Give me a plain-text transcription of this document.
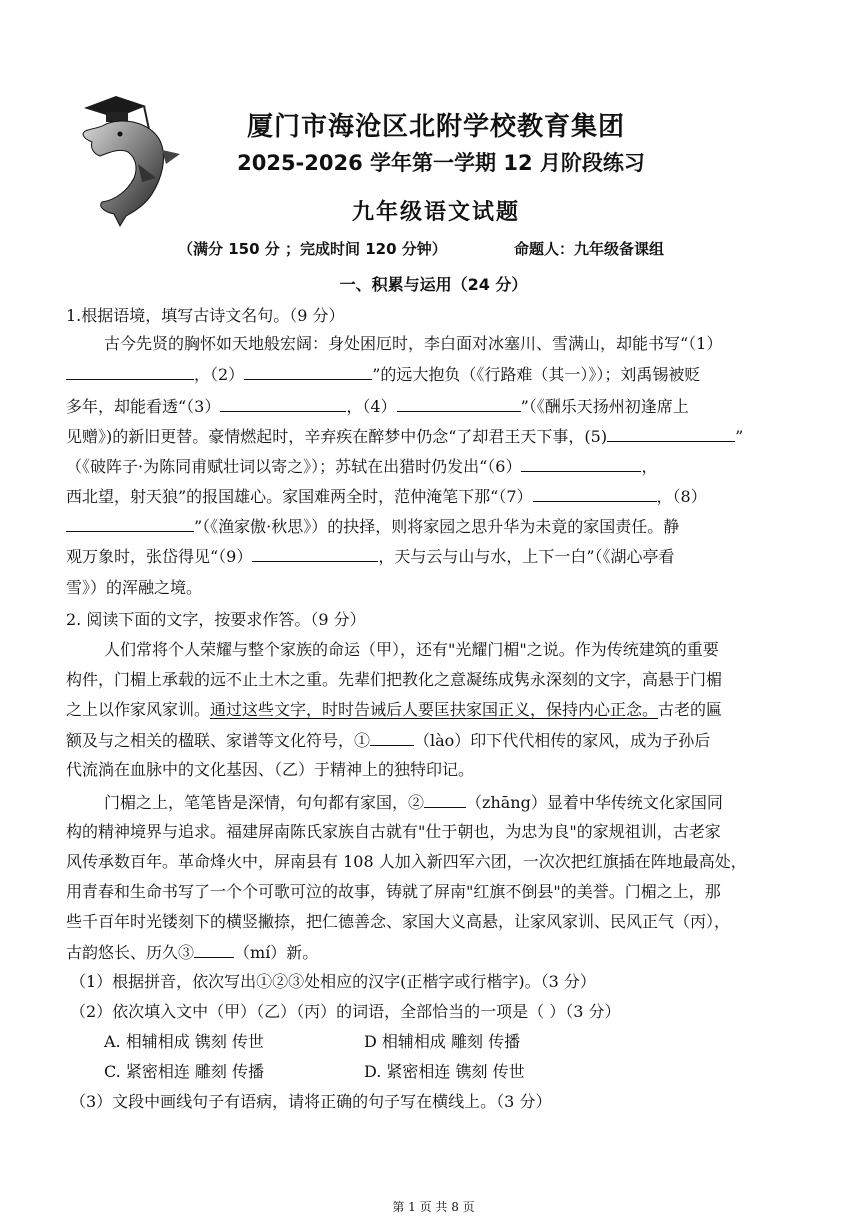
厦门市海沧区北附学校教育集团
2025-2026 学年第一学期 12 月阶段练习
九年级语文试题
（满分 150 分 ；完成时间 120 分钟）	命题人：九年级备课组
一、积累与运用（24 分）
1.根据语境，填写古诗文名句。（9 分）
古今先贤的胸怀如天地般宏阔：身处困厄时，李白面对冰塞川、雪满山，却能书写“（1）
，（2）	”的远大抱负（《行路难（其一）》）；刘禹锡被贬
多年，却能看透“（3）	，（4）	”（《酬乐天扬州初逢席上
见赠》)的新旧更替。豪情燃起时，辛弃疾在醉梦中仍念“了却君王天下事，(5)	”
（《破阵子·为陈同甫赋壮词以寄之》）；苏轼在出猎时仍发出“（6）	，
西北望，射天狼”的报国雄心。家国难两全时，范仲淹笔下那“（7）	，（8）
”（《渔家傲·秋思》）的抉择，则将家园之思升华为未竟的家国责任。静
观万象时，张岱得见“（9）	，天与云与山与水，上下一白”（《湖心亭看
雪》）的浑融之境。
2. 阅读下面的文字，按要求作答。（9 分）
人们常将个人荣耀与整个家族的命运（甲），还有"光耀门楣"之说。作为传统建筑的重要
构件，门楣上承载的远不止土木之重。先辈们把教化之意凝练成隽永深刻的文字，高悬于门楣
之上以作家风家训。通过这些文字，时时告诫后人要匡扶家国正义，保持内心正念。古老的匾
额及与之相关的楹联、家谱等文化符号，①	（lào）印下代代相传的家风，成为子孙后
代流淌在血脉中的文化基因、（乙）于精神上的独特印记。
门楣之上，笔笔皆是深情，句句都有家国，②	（zhāng）显着中华传统文化家国同
构的精神境界与追求。福建屏南陈氏家族自古就有"仕于朝也，为忠为良"的家规祖训，古老家
风传承数百年。革命烽火中，屏南县有 108 人加入新四军六团，一次次把红旗插在阵地最高处，
用青春和生命书写了一个个可歌可泣的故事，铸就了屏南"红旗不倒县"的美誉。门楣之上，那
些千百年时光镂刻下的横竖撇捺，把仁德善念、家国大义高悬，让家风家训、民风正气（丙），
古韵悠长、历久③	（mí）新。
（1）根据拼音，依次写出①②③处相应的汉字(正楷字或行楷字)。（3 分）
（2）依次填入文中（甲）（乙）（丙）的词语，全部恰当的一项是（ ）（3 分）
A. 相辅相成 镌刻 传世	D 相辅相成 雕刻 传播
C. 紧密相连 雕刻 传播	D. 紧密相连 镌刻 传世
（3）文段中画线句子有语病，请将正确的句子写在横线上。（3 分）
第 1 页 共 8 页
